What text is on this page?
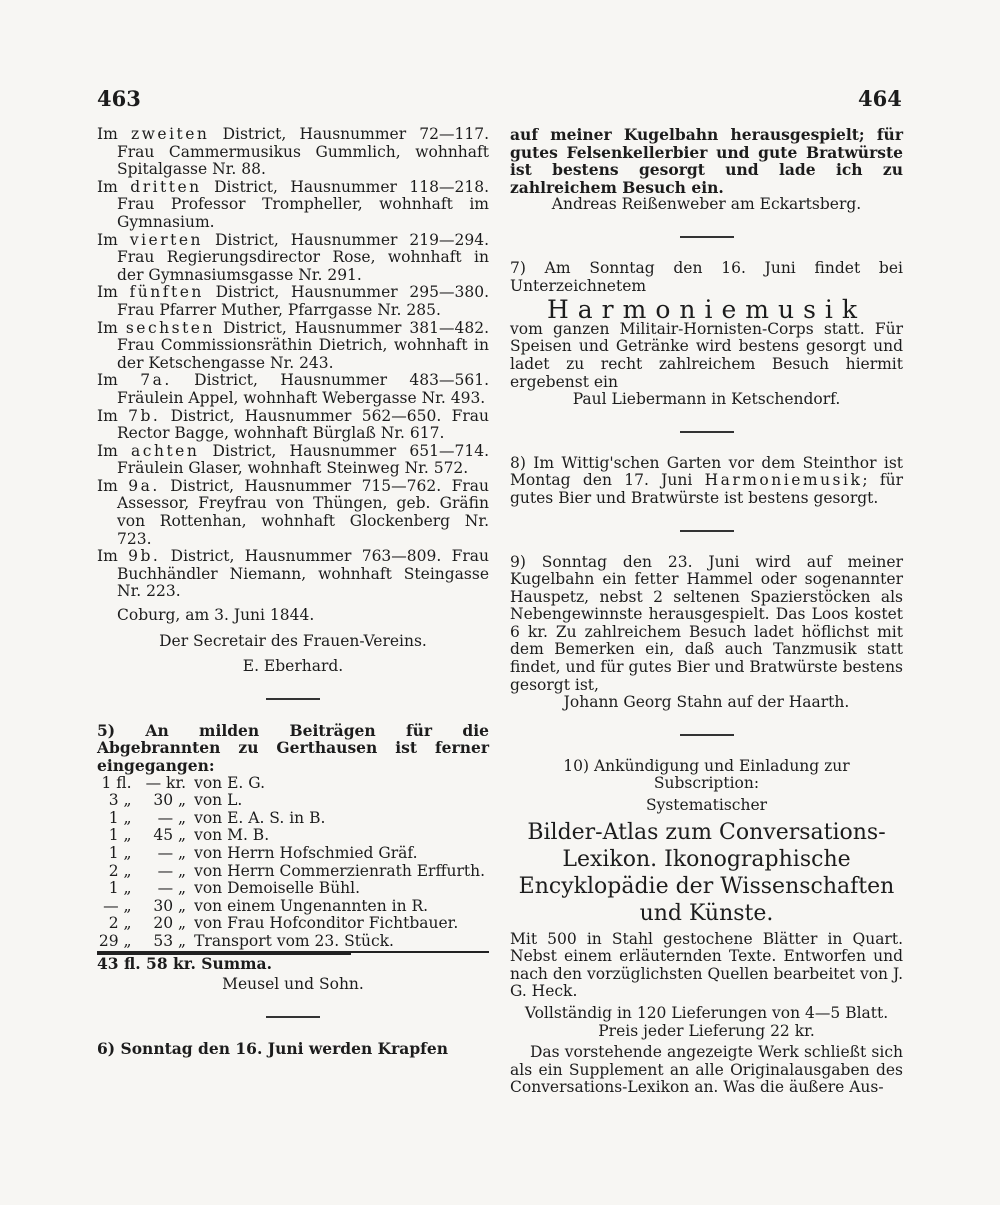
463	464

Im zweiten District, Hausnummer 72—117. Frau Cammermusikus Gummlich, wohnhaft Spitalgasse Nr. 88.

Im dritten District, Hausnummer 118—218. Frau Professor Trompheller, wohnhaft im Gymnasium.

Im vierten District, Hausnummer 219—294. Frau Regierungsdirector Rose, wohnhaft in der Gymnasiumsgasse Nr. 291.

Im fünften District, Hausnummer 295—380. Frau Pfarrer Muther, Pfarrgasse Nr. 285.

Im sechsten District, Hausnummer 381—482. Frau Commissionsräthin Dietrich, wohnhaft in der Ketschengasse Nr. 243.

Im 7a. District, Hausnummer 483—561. Fräulein Appel, wohnhaft Webergasse Nr. 493.

Im 7b. District, Hausnummer 562—650. Frau Rector Bagge, wohnhaft Bürglaß Nr. 617.

Im achten District, Hausnummer 651—714. Fräulein Glaser, wohnhaft Steinweg Nr. 572.

Im 9a. District, Hausnummer 715—762. Frau Assessor, Freyfrau von Thüngen, geb. Gräfin von Rottenhan, wohnhaft Glockenberg Nr. 723.

Im 9b. District, Hausnummer 763—809. Frau Buchhändler Niemann, wohnhaft Steingasse Nr. 223.

Coburg, am 3. Juni 1844.

Der Secretair des Frauen-Vereins.

E. Eberhard.

5) An milden Beiträgen für die Abgebrannten zu Gerthausen ist ferner eingegangen:

1 fl.	— kr.	von E. G.
3 „	30 „	von L.
1 „	— „	von E. A. S. in B.
1 „	45 „	von M. B.
1 „	— „	von Herrn Hofschmied Gräf.
2 „	— „	von Herrn Commerzienrath Erffurth.
1 „	— „	von Demoiselle Bühl.
— „	30 „	von einem Ungenannten in R.
2 „	20 „	von Frau Hofconditor Fichtbauer.
29 „	53 „	Transport vom 23. Stück.
43 fl. 58 kr. Summa.

Meusel und Sohn.

6) Sonntag den 16. Juni werden Krapfen

auf meiner Kugelbahn herausgespielt; für gutes Felsenkellerbier und gute Bratwürste ist bestens gesorgt und lade ich zu zahlreichem Besuch ein.

Andreas Reißenweber am Eckartsberg.

7) Am Sonntag den 16. Juni findet bei Unterzeichnetem

Harmoniemusik

vom ganzen Militair-Hornisten-Corps statt. Für Speisen und Getränke wird bestens gesorgt und ladet zu recht zahlreichem Besuch hiermit ergebenst ein

Paul Liebermann in Ketschendorf.

8) Im Wittig'schen Garten vor dem Steinthor ist Montag den 17. Juni Harmoniemusik; für gutes Bier und Bratwürste ist bestens gesorgt.

9) Sonntag den 23. Juni wird auf meiner Kugelbahn ein fetter Hammel oder sogenannter Hauspetz, nebst 2 seltenen Spazierstöcken als Nebengewinnste herausgespielt. Das Loos kostet 6 kr. Zu zahlreichem Besuch ladet höflichst mit dem Bemerken ein, daß auch Tanzmusik statt findet, und für gutes Bier und Bratwürste bestens gesorgt ist,

Johann Georg Stahn auf der Haarth.

10) Ankündigung und Einladung zur Subscription:

Systematischer

Bilder-Atlas zum Conversations-Lexikon. Ikonographische Encyklopädie der Wissenschaften und Künste.

Mit 500 in Stahl gestochene Blätter in Quart. Nebst einem erläuternden Texte. Entworfen und nach den vorzüglichsten Quellen bearbeitet von J. G. Heck.

Vollständig in 120 Lieferungen von 4—5 Blatt.

Preis jeder Lieferung 22 kr.

Das vorstehende angezeigte Werk schließt sich als ein Supplement an alle Originalausgaben des Conversations-Lexikon an. Was die äußere Aus-
